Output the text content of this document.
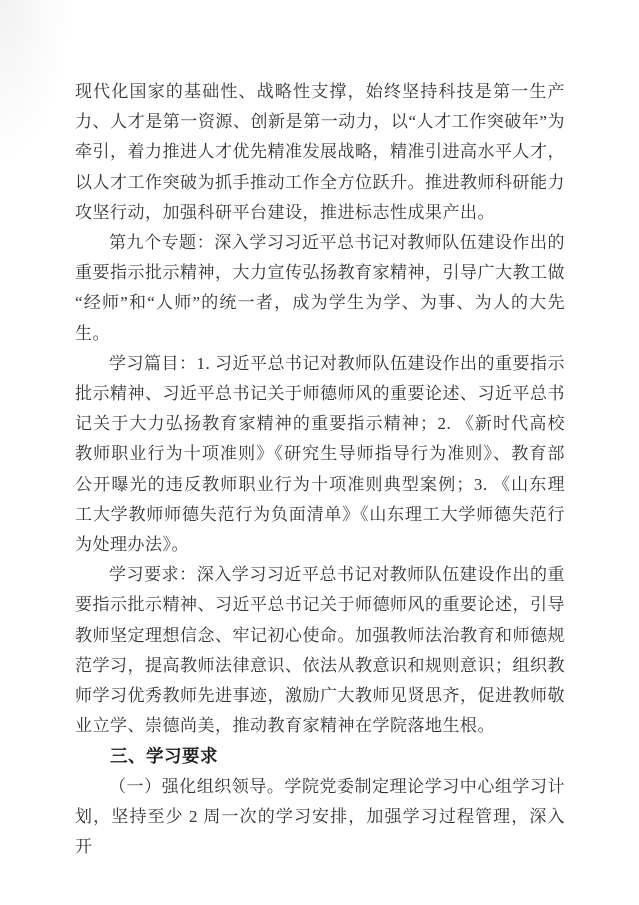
现代化国家的基础性、战略性支撑，始终坚持科技是第一生产力、人才是第一资源、创新是第一动力，以“人才工作突破年”为牵引，着力推进人才优先精准发展战略，精准引进高水平人才，以人才工作突破为抓手推动工作全方位跃升。推进教师科研能力攻坚行动，加强科研平台建设，推进标志性成果产出。

第九个专题：深入学习习近平总书记对教师队伍建设作出的重要指示批示精神，大力宣传弘扬教育家精神，引导广大教工做“经师”和“人师”的统一者，成为学生为学、为事、为人的大先生。

学习篇目：1. 习近平总书记对教师队伍建设作出的重要指示批示精神、习近平总书记关于师德师风的重要论述、习近平总书记关于大力弘扬教育家精神的重要指示精神；2. 《新时代高校教师职业行为十项准则》《研究生导师指导行为准则》、教育部公开曝光的违反教师职业行为十项准则典型案例；3. 《山东理工大学教师师德失范行为负面清单》《山东理工大学师德失范行为处理办法》。

学习要求：深入学习习近平总书记对教师队伍建设作出的重要指示批示精神、习近平总书记关于师德师风的重要论述，引导教师坚定理想信念、牢记初心使命。加强教师法治教育和师德规范学习，提高教师法律意识、依法从教意识和规则意识；组织教师学习优秀教师先进事迹，激励广大教师见贤思齐，促进教师敬业立学、崇德尚美，推动教育家精神在学院落地生根。

三、学习要求

（一）强化组织领导。学院党委制定理论学习中心组学习计划，坚持至少 2 周一次的学习安排，加强学习过程管理，深入开
